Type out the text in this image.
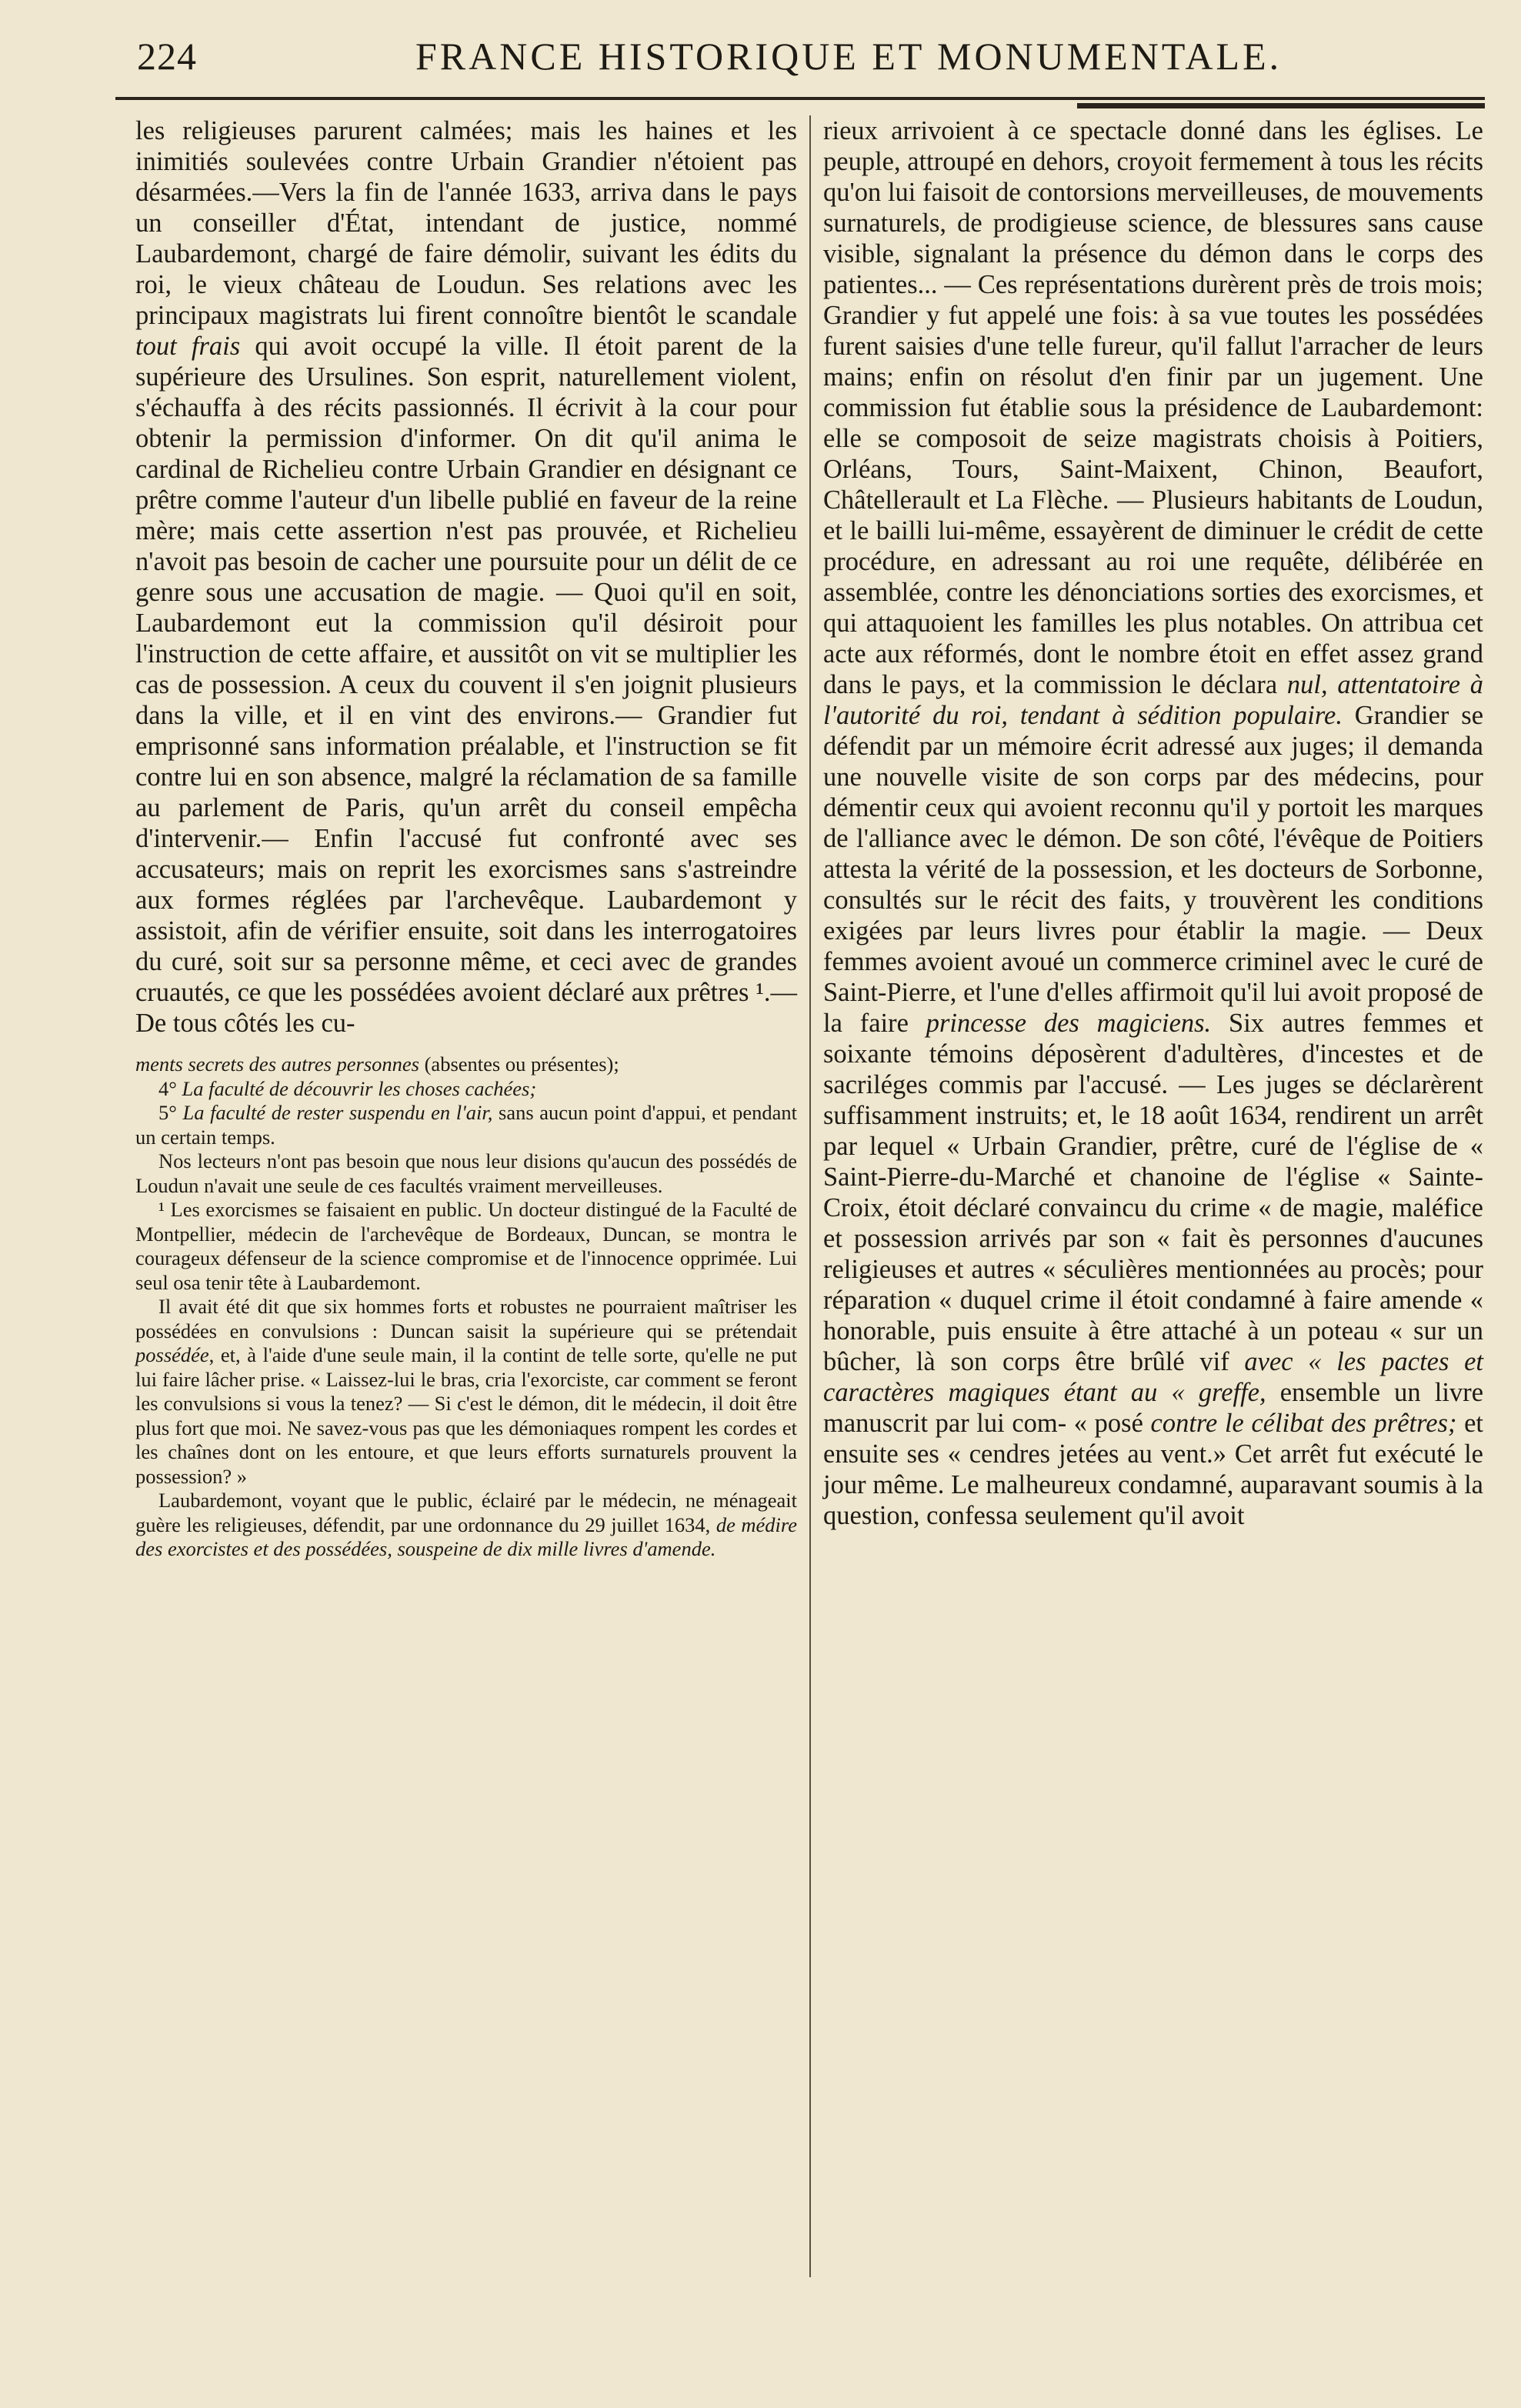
224	FRANCE HISTORIQUE ET MONUMENTALE.

les religieuses parurent calmées; mais les haines et les inimitiés soulevées contre Urbain Grandier n'étoient pas désarmées.—Vers la fin de l'année 1633, arriva dans le pays un conseiller d'État, intendant de justice, nommé Laubardemont, chargé de faire démolir, suivant les édits du roi, le vieux château de Loudun. Ses relations avec les principaux magistrats lui firent connoître bientôt le scandale tout frais qui avoit occupé la ville. Il étoit parent de la supérieure des Ursulines. Son esprit, naturellement violent, s'échauffa à des récits passionnés. Il écrivit à la cour pour obtenir la permission d'informer. On dit qu'il anima le cardinal de Richelieu contre Urbain Grandier en désignant ce prêtre comme l'auteur d'un libelle publié en faveur de la reine mère; mais cette assertion n'est pas prouvée, et Richelieu n'avoit pas besoin de cacher une poursuite pour un délit de ce genre sous une accusation de magie. — Quoi qu'il en soit, Laubardemont eut la commission qu'il désiroit pour l'instruction de cette affaire, et aussitôt on vit se multiplier les cas de possession. A ceux du couvent il s'en joignit plusieurs dans la ville, et il en vint des environs.— Grandier fut emprisonné sans information préalable, et l'instruction se fit contre lui en son absence, malgré la réclamation de sa famille au parlement de Paris, qu'un arrêt du conseil empêcha d'intervenir.— Enfin l'accusé fut confronté avec ses accusateurs; mais on reprit les exorcismes sans s'astreindre aux formes réglées par l'archevêque. Laubardemont y assistoit, afin de vérifier ensuite, soit dans les interrogatoires du curé, soit sur sa personne même, et ceci avec de grandes cruautés, ce que les possédées avoient déclaré aux prêtres ¹.—De tous côtés les cu-

ments secrets des autres personnes (absentes ou présentes);

4° La faculté de découvrir les choses cachées;

5° La faculté de rester suspendu en l'air, sans aucun point d'appui, et pendant un certain temps.

Nos lecteurs n'ont pas besoin que nous leur disions qu'aucun des possédés de Loudun n'avait une seule de ces facultés vraiment merveilleuses.

¹ Les exorcismes se faisaient en public. Un docteur distingué de la Faculté de Montpellier, médecin de l'archevêque de Bordeaux, Duncan, se montra le courageux défenseur de la science compromise et de l'innocence opprimée. Lui seul osa tenir tête à Laubardemont.

Il avait été dit que six hommes forts et robustes ne pourraient maîtriser les possédées en convulsions : Duncan saisit la supérieure qui se prétendait possédée, et, à l'aide d'une seule main, il la contint de telle sorte, qu'elle ne put lui faire lâcher prise. « Laissez-lui le bras, cria l'exorciste, car comment se feront les convulsions si vous la tenez? — Si c'est le démon, dit le médecin, il doit être plus fort que moi. Ne savez-vous pas que les démoniaques rompent les cordes et les chaînes dont on les entoure, et que leurs efforts surnaturels prouvent la possession? »

Laubardemont, voyant que le public, éclairé par le médecin, ne ménageait guère les religieuses, défendit, par une ordonnance du 29 juillet 1634, de médire des exorcistes et des possédées, souspeine de dix mille livres d'amende.

rieux arrivoient à ce spectacle donné dans les églises. Le peuple, attroupé en dehors, croyoit fermement à tous les récits qu'on lui faisoit de contorsions merveilleuses, de mouvements surnaturels, de prodigieuse science, de blessures sans cause visible, signalant la présence du démon dans le corps des patientes... — Ces représentations durèrent près de trois mois; Grandier y fut appelé une fois: à sa vue toutes les possédées furent saisies d'une telle fureur, qu'il fallut l'arracher de leurs mains; enfin on résolut d'en finir par un jugement. Une commission fut établie sous la présidence de Laubardemont: elle se composoit de seize magistrats choisis à Poitiers, Orléans, Tours, Saint-Maixent, Chinon, Beaufort, Châtellerault et La Flèche. — Plusieurs habitants de Loudun, et le bailli lui-même, essayèrent de diminuer le crédit de cette procédure, en adressant au roi une requête, délibérée en assemblée, contre les dénonciations sorties des exorcismes, et qui attaquoient les familles les plus notables. On attribua cet acte aux réformés, dont le nombre étoit en effet assez grand dans le pays, et la commission le déclara nul, attentatoire à l'autorité du roi, tendant à sédition populaire. Grandier se défendit par un mémoire écrit adressé aux juges; il demanda une nouvelle visite de son corps par des médecins, pour démentir ceux qui avoient reconnu qu'il y portoit les marques de l'alliance avec le démon. De son côté, l'évêque de Poitiers attesta la vérité de la possession, et les docteurs de Sorbonne, consultés sur le récit des faits, y trouvèrent les conditions exigées par leurs livres pour établir la magie. — Deux femmes avoient avoué un commerce criminel avec le curé de Saint-Pierre, et l'une d'elles affirmoit qu'il lui avoit proposé de la faire princesse des magiciens. Six autres femmes et soixante témoins déposèrent d'adultères, d'incestes et de sacriléges commis par l'accusé. — Les juges se déclarèrent suffisamment instruits; et, le 18 août 1634, rendirent un arrêt par lequel « Urbain Grandier, prêtre, curé de l'église de « Saint-Pierre-du-Marché et chanoine de l'église « Sainte-Croix, étoit déclaré convaincu du crime « de magie, maléfice et possession arrivés par son « fait ès personnes d'aucunes religieuses et autres « séculières mentionnées au procès; pour réparation « duquel crime il étoit condamné à faire amende « honorable, puis ensuite à être attaché à un poteau « sur un bûcher, là son corps être brûlé vif avec « les pactes et caractères magiques étant au « greffe, ensemble un livre manuscrit par lui com- « posé contre le célibat des prêtres; et ensuite ses « cendres jetées au vent.» Cet arrêt fut exécuté le jour même. Le malheureux condamné, auparavant soumis à la question, confessa seulement qu'il avoit
